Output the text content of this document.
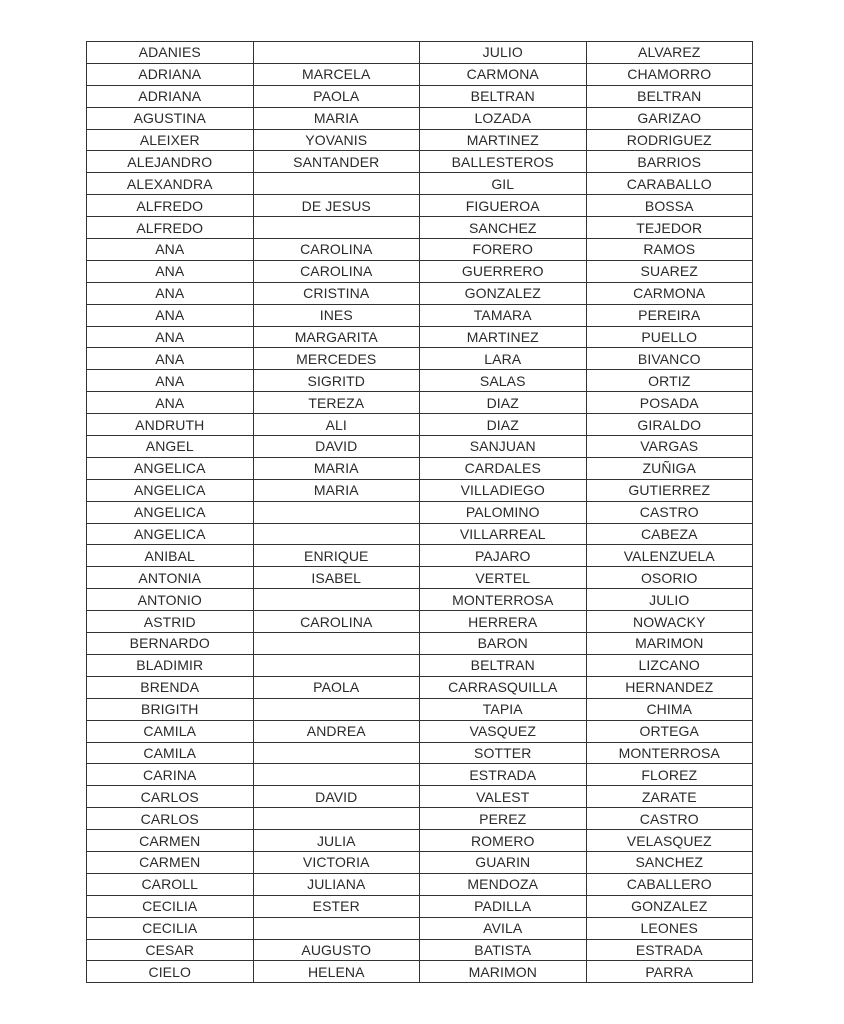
ADANIES		JULIO	ALVAREZ
ADRIANA	MARCELA	CARMONA	CHAMORRO
ADRIANA	PAOLA	BELTRAN	BELTRAN
AGUSTINA	MARIA	LOZADA	GARIZAO
ALEIXER	YOVANIS	MARTINEZ	RODRIGUEZ
ALEJANDRO	SANTANDER	BALLESTEROS	BARRIOS
ALEXANDRA		GIL	CARABALLO
ALFREDO	DE JESUS	FIGUEROA	BOSSA
ALFREDO		SANCHEZ	TEJEDOR
ANA	CAROLINA	FORERO	RAMOS
ANA	CAROLINA	GUERRERO	SUAREZ
ANA	CRISTINA	GONZALEZ	CARMONA
ANA	INES	TAMARA	PEREIRA
ANA	MARGARITA	MARTINEZ	PUELLO
ANA	MERCEDES	LARA	BIVANCO
ANA	SIGRITD	SALAS	ORTIZ
ANA	TEREZA	DIAZ	POSADA
ANDRUTH	ALI	DIAZ	GIRALDO
ANGEL	DAVID	SANJUAN	VARGAS
ANGELICA	MARIA	CARDALES	ZUÑIGA
ANGELICA	MARIA	VILLADIEGO	GUTIERREZ
ANGELICA		PALOMINO	CASTRO
ANGELICA		VILLARREAL	CABEZA
ANIBAL	ENRIQUE	PAJARO	VALENZUELA
ANTONIA	ISABEL	VERTEL	OSORIO
ANTONIO		MONTERROSA	JULIO
ASTRID	CAROLINA	HERRERA	NOWACKY
BERNARDO		BARON	MARIMON
BLADIMIR		BELTRAN	LIZCANO
BRENDA	PAOLA	CARRASQUILLA	HERNANDEZ
BRIGITH		TAPIA	CHIMA
CAMILA	ANDREA	VASQUEZ	ORTEGA
CAMILA		SOTTER	MONTERROSA
CARINA		ESTRADA	FLOREZ
CARLOS	DAVID	VALEST	ZARATE
CARLOS		PEREZ	CASTRO
CARMEN	JULIA	ROMERO	VELASQUEZ
CARMEN	VICTORIA	GUARIN	SANCHEZ
CAROLL	JULIANA	MENDOZA	CABALLERO
CECILIA	ESTER	PADILLA	GONZALEZ
CECILIA		AVILA	LEONES
CESAR	AUGUSTO	BATISTA	ESTRADA
CIELO	HELENA	MARIMON	PARRA
